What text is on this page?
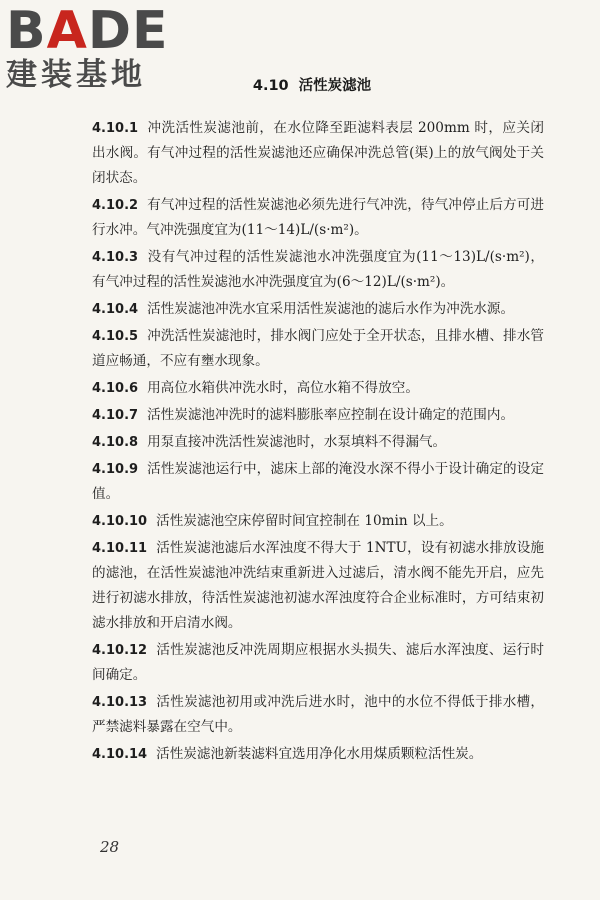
BADE
建装基地	4.10 活性炭滤池

4.10.1 冲洗活性炭滤池前，在水位降至距滤料表层 200mm 时，应关闭出水阀。有气冲过程的活性炭滤池还应确保冲洗总管(渠)上的放气阀处于关闭状态。

4.10.2 有气冲过程的活性炭滤池必须先进行气冲洗，待气冲停止后方可进行水冲。气冲洗强度宜为(11～14)L/(s·m²)。

4.10.3 没有气冲过程的活性炭滤池水冲洗强度宜为(11～13)L/(s·m²)，有气冲过程的活性炭滤池水冲洗强度宜为(6～12)L/(s·m²)。

4.10.4 活性炭滤池冲洗水宜采用活性炭滤池的滤后水作为冲洗水源。

4.10.5 冲洗活性炭滤池时，排水阀门应处于全开状态，且排水槽、排水管道应畅通，不应有壅水现象。

4.10.6 用高位水箱供冲洗水时，高位水箱不得放空。

4.10.7 活性炭滤池冲洗时的滤料膨胀率应控制在设计确定的范围内。

4.10.8 用泵直接冲洗活性炭滤池时，水泵填料不得漏气。

4.10.9 活性炭滤池运行中，滤床上部的淹没水深不得小于设计确定的设定值。

4.10.10 活性炭滤池空床停留时间宜控制在 10min 以上。

4.10.11 活性炭滤池滤后水浑浊度不得大于 1NTU，设有初滤水排放设施的滤池，在活性炭滤池冲洗结束重新进入过滤后，清水阀不能先开启，应先进行初滤水排放，待活性炭滤池初滤水浑浊度符合企业标准时，方可结束初滤水排放和开启清水阀。

4.10.12 活性炭滤池反冲洗周期应根据水头损失、滤后水浑浊度、运行时间确定。

4.10.13 活性炭滤池初用或冲洗后进水时，池中的水位不得低于排水槽，严禁滤料暴露在空气中。

4.10.14 活性炭滤池新装滤料宜选用净化水用煤质颗粒活性炭。

28
